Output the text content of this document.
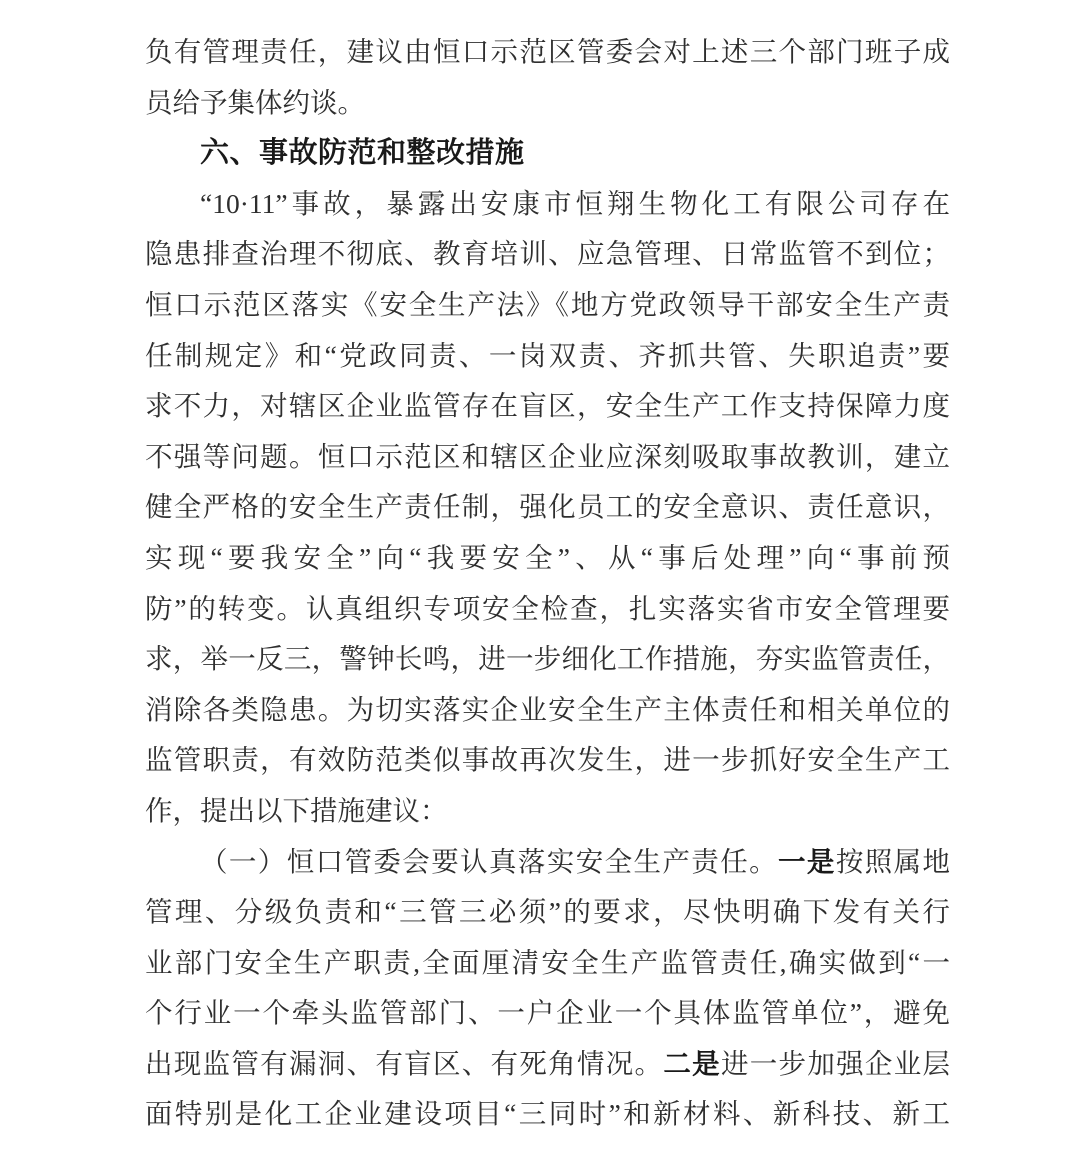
负有管理责任，建议由恒口示范区管委会对上述三个部门班子成
员给予集体约谈。
六、事故防范和整改措施
“10·11”事故，暴露出安康市恒翔生物化工有限公司存在
隐患排查治理不彻底、教育培训、应急管理、日常监管不到位；
恒口示范区落实《安全生产法》《地方党政领导干部安全生产责
任制规定》和“党政同责、一岗双责、齐抓共管、失职追责”要
求不力，对辖区企业监管存在盲区，安全生产工作支持保障力度
不强等问题。恒口示范区和辖区企业应深刻吸取事故教训，建立
健全严格的安全生产责任制，强化员工的安全意识、责任意识，
实现“要我安全”向“我要安全”、从“事后处理”向“事前预
防”的转变。认真组织专项安全检查，扎实落实省市安全管理要
求，举一反三，警钟长鸣，进一步细化工作措施，夯实监管责任，
消除各类隐患。为切实落实企业安全生产主体责任和相关单位的
监管职责，有效防范类似事故再次发生，进一步抓好安全生产工
作，提出以下措施建议：
（一）恒口管委会要认真落实安全生产责任。一是按照属地
管理、分级负责和“三管三必须”的要求，尽快明确下发有关行
业部门安全生产职责,全面厘清安全生产监管责任,确实做到“一
个行业一个牵头监管部门、一户企业一个具体监管单位”，避免
出现监管有漏洞、有盲区、有死角情况。二是进一步加强企业层
面特别是化工企业建设项目“三同时”和新材料、新科技、新工
